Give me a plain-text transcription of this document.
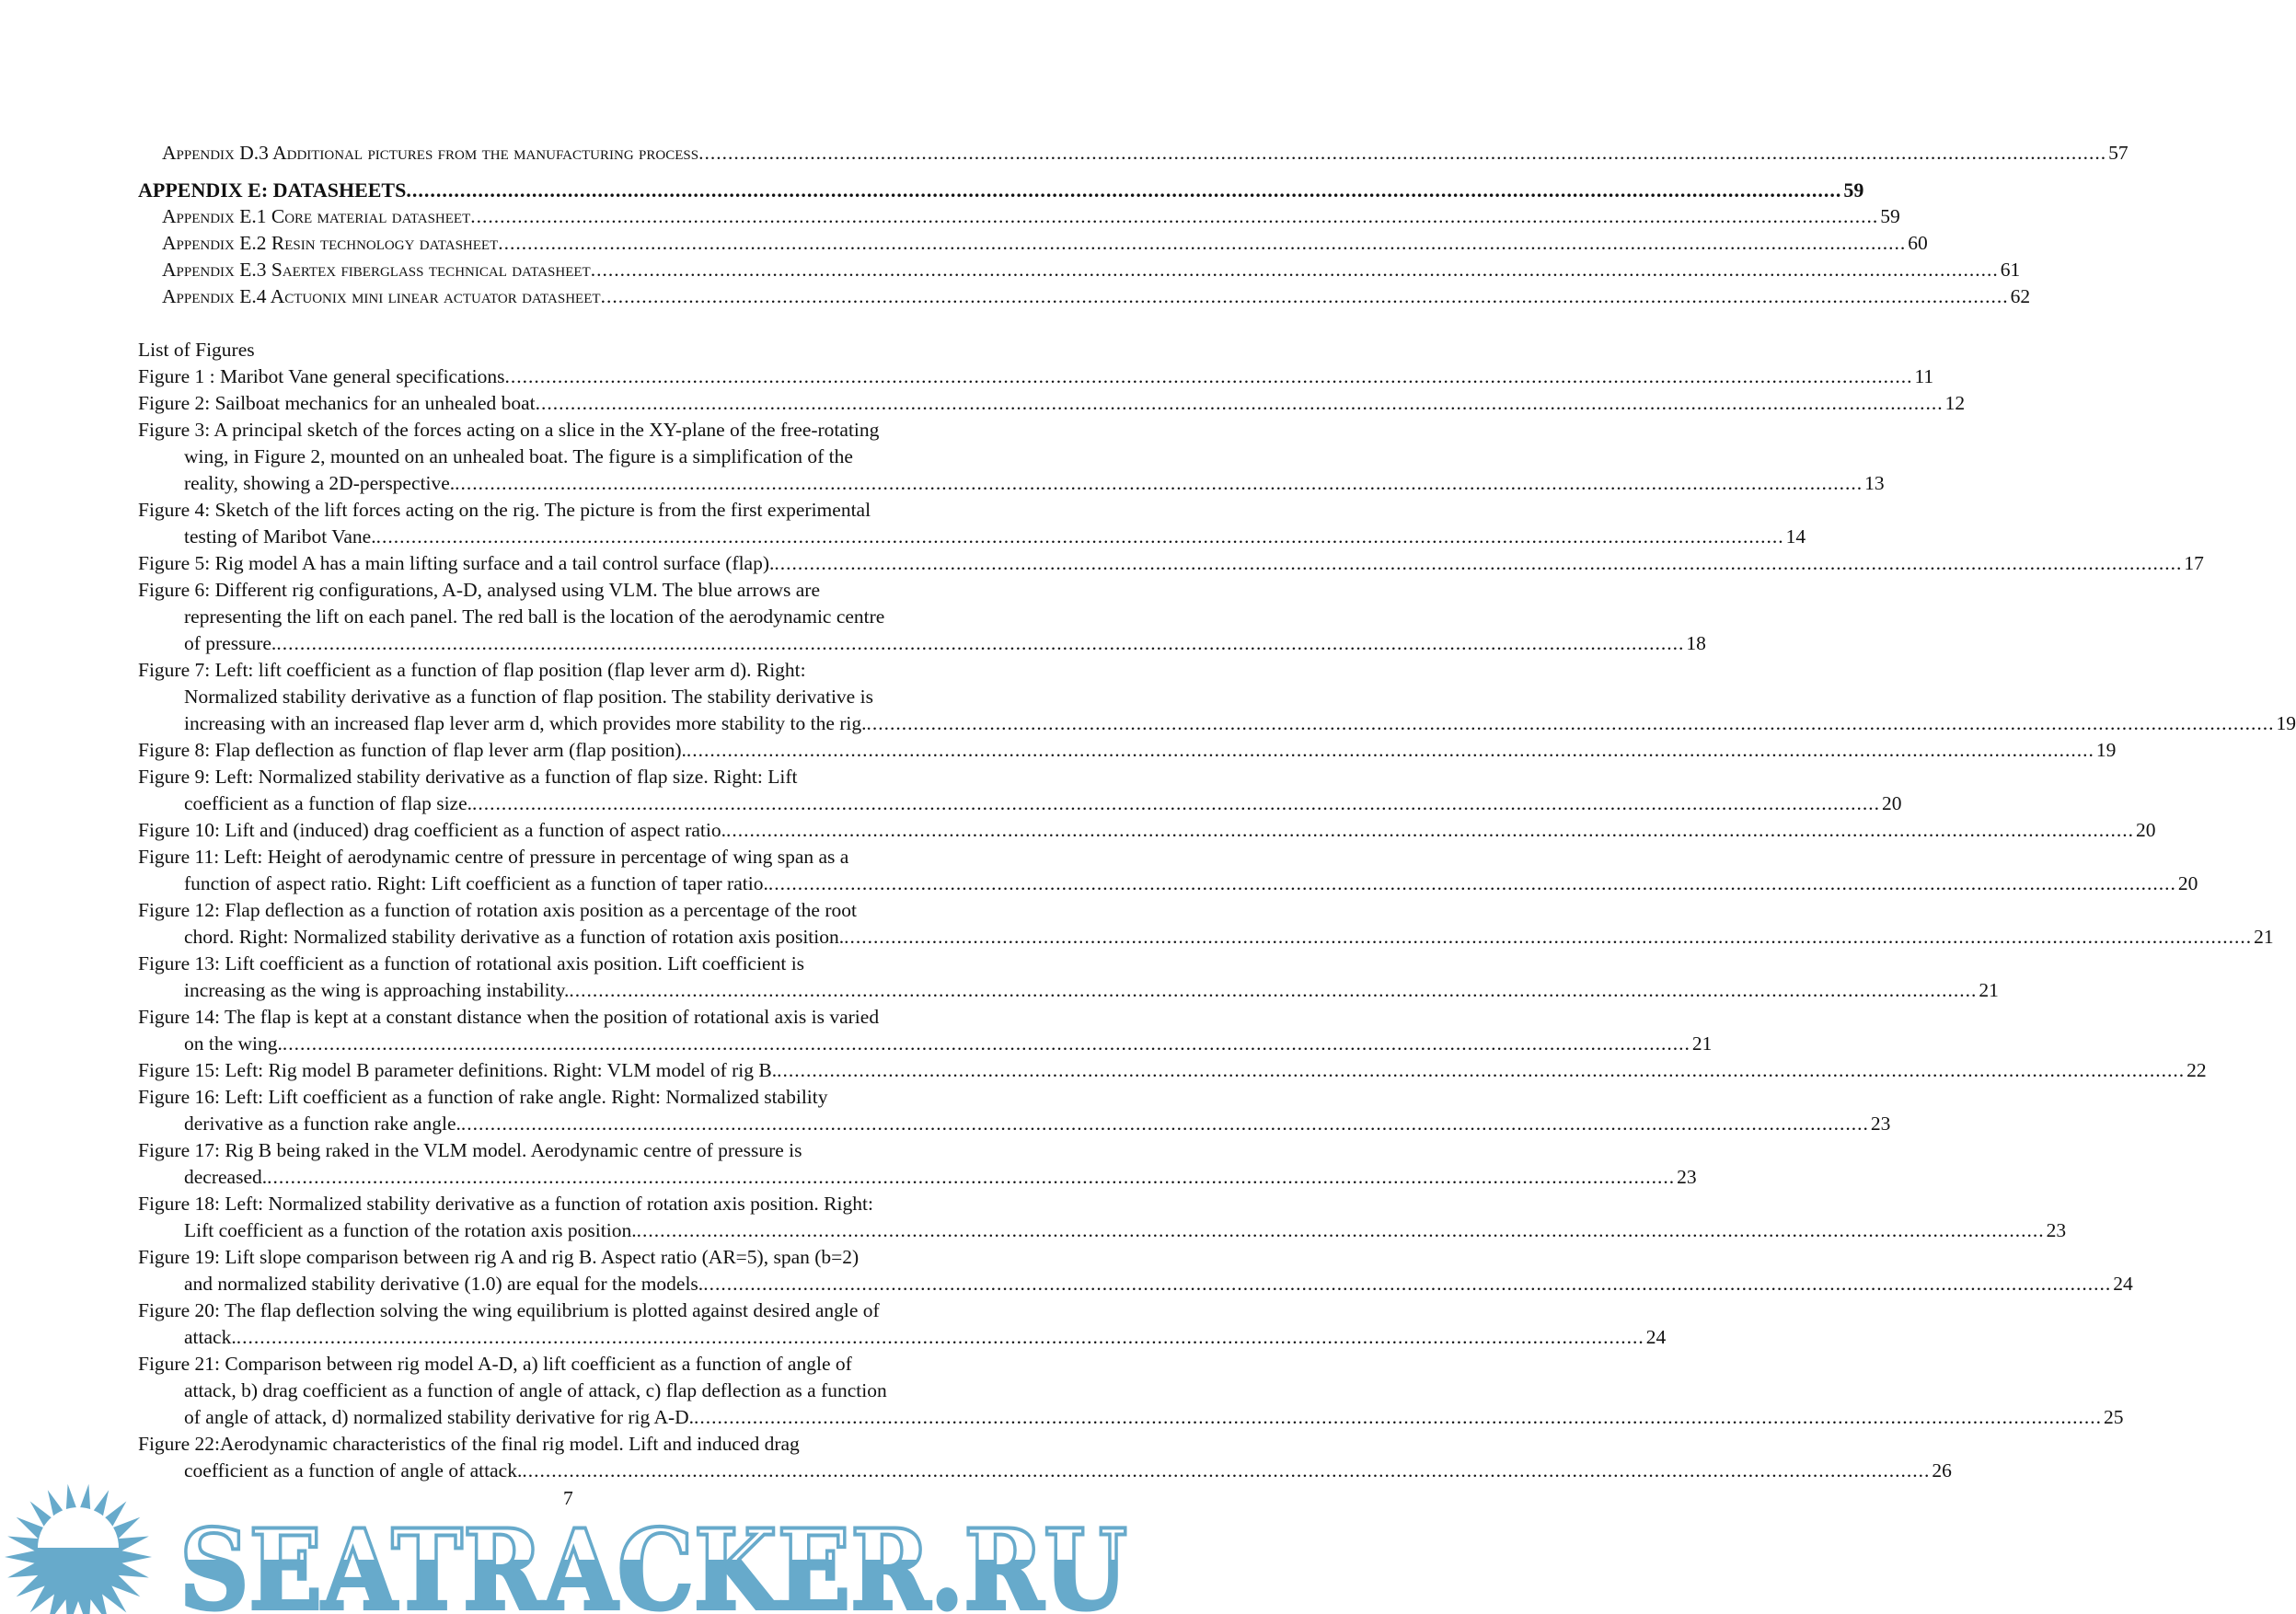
Appendix D.3 Additional pictures from the manufacturing process .....	57
APPENDIX E: DATASHEETS .....	59
Appendix E.1 Core material datasheet .....	59
Appendix E.2 Resin technology datasheet .....	60
Appendix E.3 Saertex fiberglass technical datasheet .....	61
Appendix E.4 Actuonix mini linear actuator datasheet .....	62
List of Figures
Figure 1 : Maribot Vane general specifications .....	11
Figure 2: Sailboat mechanics for an unhealed boat .....	12
Figure 3: A principal sketch of the forces acting on a slice in the XY-plane of the free-rotating
wing, in Figure 2, mounted on an unhealed boat. The figure is a simplification of the
reality, showing a 2D-perspective. .....	13
Figure 4: Sketch of the lift forces acting on the rig. The picture is from the first experimental
testing of Maribot Vane. .....	14
Figure 5: Rig model A has a main lifting surface and a tail control surface (flap). .....	17
Figure 6: Different rig configurations, A-D, analysed using VLM. The blue arrows are
representing the lift on each panel. The red ball is the location of the aerodynamic centre
of pressure. .....	18
Figure 7: Left: lift coefficient as a function of flap position (flap lever arm d). Right:
Normalized stability derivative as a function of flap position. The stability derivative is
increasing with an increased flap lever arm d, which provides more stability to the rig. .....	19
Figure 8: Flap deflection as function of flap lever arm (flap position). .....	19
Figure 9: Left: Normalized stability derivative as a function of flap size. Right: Lift
coefficient as a function of flap size. .....	20
Figure 10: Lift and (induced) drag coefficient as a function of aspect ratio. .....	20
Figure 11: Left: Height of aerodynamic centre of pressure in percentage of wing span as a
function of aspect ratio. Right: Lift coefficient as a function of taper ratio. .....	20
Figure 12: Flap deflection as a function of rotation axis position as a percentage of the root
chord. Right: Normalized stability derivative as a function of rotation axis position. .....	21
Figure 13: Lift coefficient as a function of rotational axis position. Lift coefficient is
increasing as the wing is approaching instability. .....	21
Figure 14: The flap is kept at a constant distance when the position of rotational axis is varied
on the wing. .....	21
Figure 15: Left: Rig model B parameter definitions. Right: VLM model of rig B. .....	22
Figure 16: Left: Lift coefficient as a function of rake angle. Right: Normalized stability
derivative as a function rake angle. .....	23
Figure 17: Rig B being raked in the VLM model. Aerodynamic centre of pressure is
decreased. .....	23
Figure 18: Left: Normalized stability derivative as a function of rotation axis position. Right:
Lift coefficient as a function of the rotation axis position. .....	23
Figure 19: Lift slope comparison between rig A and rig B. Aspect ratio (AR=5), span (b=2)
and normalized stability derivative (1.0) are equal for the models. .....	24
Figure 20: The flap deflection solving the wing equilibrium is plotted against desired angle of
attack. .....	24
Figure 21: Comparison between rig model A-D, a) lift coefficient as a function of angle of
attack, b) drag coefficient as a function of angle of attack, c) flap deflection as a function
of angle of attack, d) normalized stability derivative for rig A-D. .....	25
Figure 22:Aerodynamic characteristics of the final rig model. Lift and induced drag
coefficient as a function of angle of attack. .....	26
7
SEATRACKER.RU
